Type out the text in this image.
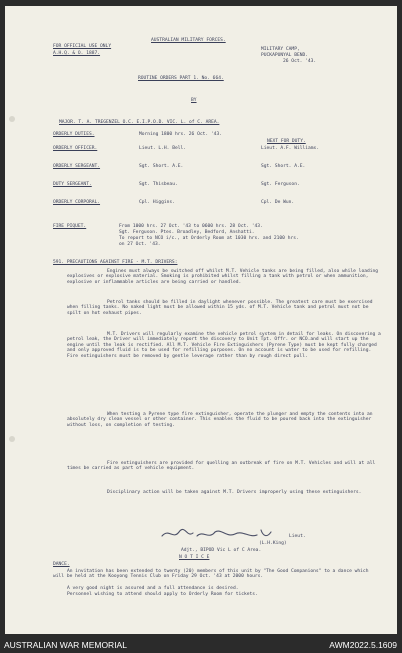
FOR OFFICIAL USE ONLY
A.H.Q. & O. 1887.
AUSTRALIAN MILITARY FORCES.
MILITARY CAMP,
PUCKAPUNYAL BEND.
26 Oct. '43.
ROUTINE ORDERS PART 1. No. 664.
BY
MAJOR. T. A. TREGENZEL O.C. E.I.P.O.D. VIC. L. of C. AREA.
ORDERLY DUTIES.	Morning 1800 hrs. 26 Oct. '43.
NEXT FOR DUTY.
ORDERLY OFFICER.	Lieut. L.H. Bell.	Lieut. A.F. Williams.
ORDERLY SERGEANT.	Sgt. Short. A.E.	Sgt. Short. A.E.
DUTY SERGEANT.	Sgt. Thisbeau.	Sgt. Ferguson.
ORDERLY CORPORAL.	Cpl. Higgins.	Cpl. De Wun.
FIRE PIQUET.	From 1000 hrs. 27 Oct. '43 to 0600 hrs. 28 Oct. '43.
Sgt. Ferguson. Ptes. Broadley, Bedford, Anshatti.
To report to NCO i/c., at Orderly Room at 1030 hrs. and 2100 hrs.
on 27 Oct. '43.
591. PRECAUTIONS AGAINST FIRE - M.T. DRIVERS:
Engines must always be switched off whilst M.T. Vehicle tanks are being filled, also while loading explosives or explosive material. Smoking is prohibited whilst filling a tank with petrol or when ammunition, explosive or inflammable articles are being carried or handled.
Petrol tanks should be filled in daylight whenever possible. The greatest care must be exercised when filling tanks. No naked light must be allowed within 15 yds. of M.T. Vehicle tank and petrol must not be spilt on hot exhaust pipes.
M.T. Drivers will regularly examine the vehicle petrol system in detail for leaks. On discovering a petrol leak, the Driver will immediately report the discovery to Unit Tpt. Offr. or NCO.and will start up the engine until the leak is rectified. All M.T. Vehicle Fire Extinguishers (Pyrene Type) must be kept fully charged and only approved fluid is to be used for refilling purposes. On no account is water to be used for refilling. Fire extinguishers must be removed by gentle leverage rather than by rough direct pull.
When testing a Pyrene type fire extinguisher, operate the plunger and empty the contents into an absolutely dry clean vessel or other container. This enables the fluid to be poured back into the extinguisher without loss, on completion of testing.
Fire extinguishers are provided for quelling an outbreak of fire on M.T. Vehicles and will at all times be carried as part of vehicle equipment.
Disciplinary action will be taken against M.T. Drivers improperly using these extinguishers.
Lieut.
(L.H.King)
Adjt., BIPOD Vic L of C Area.
N O T I C E
DANCE.
An invitation has been extended to twenty (20) members of this unit by "The Good Companions" to a dance which will be held at the Kooyong Tennis Club on Friday 29 Oct. '43 at 2000 hours.
A very good night is assured and a full attendance is desired.
Personnel wishing to attend should apply to Orderly Room for tickets.
AUSTRALIAN WAR MEMORIAL	AWM2022.5.1609
